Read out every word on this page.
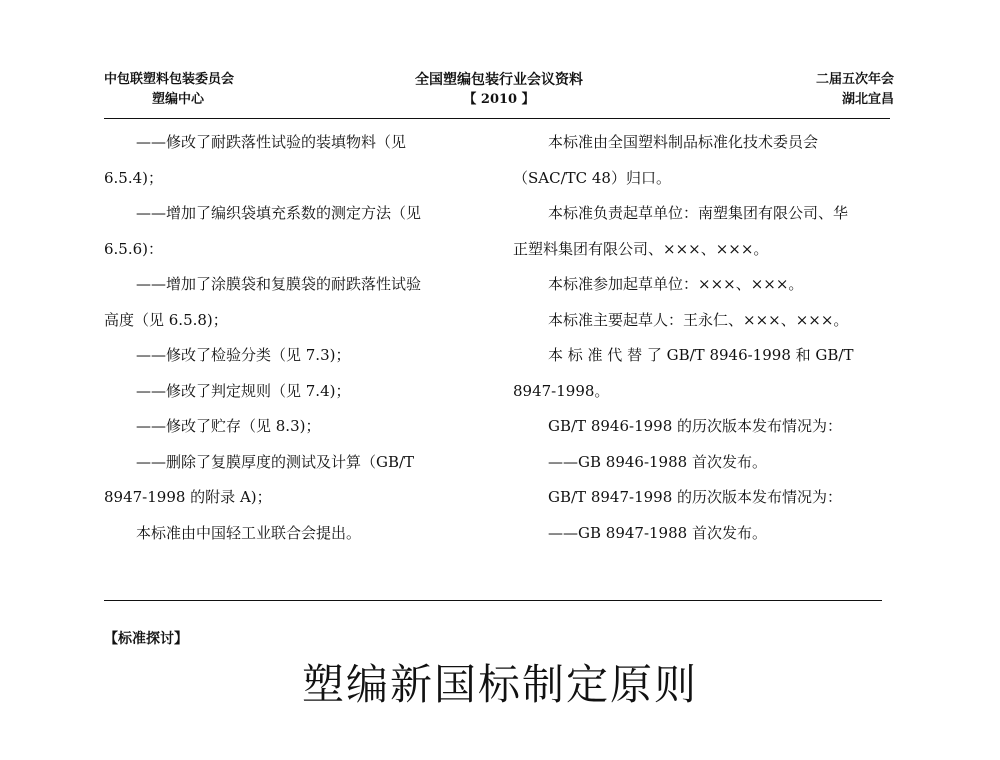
中包联塑料包装委员会
塑编中心
全国塑编包装行业会议资料
【 2010 】
二届五次年会
湖北宜昌
——修改了耐跌落性试验的装填物料（见
6.5.4)；
——增加了编织袋填充系数的测定方法（见
6.5.6)：
——增加了涂膜袋和复膜袋的耐跌落性试验
高度（见 6.5.8)；
——修改了检验分类（见 7.3)；
——修改了判定规则（见 7.4)；
——修改了贮存（见 8.3)；
——删除了复膜厚度的测试及计算（GB/T
8947-1998 的附录 A)；
本标准由中国轻工业联合会提出。
本标准由全国塑料制品标准化技术委员会
（SAC/TC 48）归口。
本标准负责起草单位：南塑集团有限公司、华
正塑料集团有限公司、×××、×××。
本标准参加起草单位：×××、×××。
本标准主要起草人：王永仁、×××、×××。
本 标 准 代 替 了 GB/T 8946-1998 和 GB/T
8947-1998。
GB/T 8946-1998 的历次版本发布情况为：
——GB 8946-1988 首次发布。
GB/T 8947-1998 的历次版本发布情况为：
——GB 8947-1988 首次发布。
【标准探讨】
塑编新国标制定原则
